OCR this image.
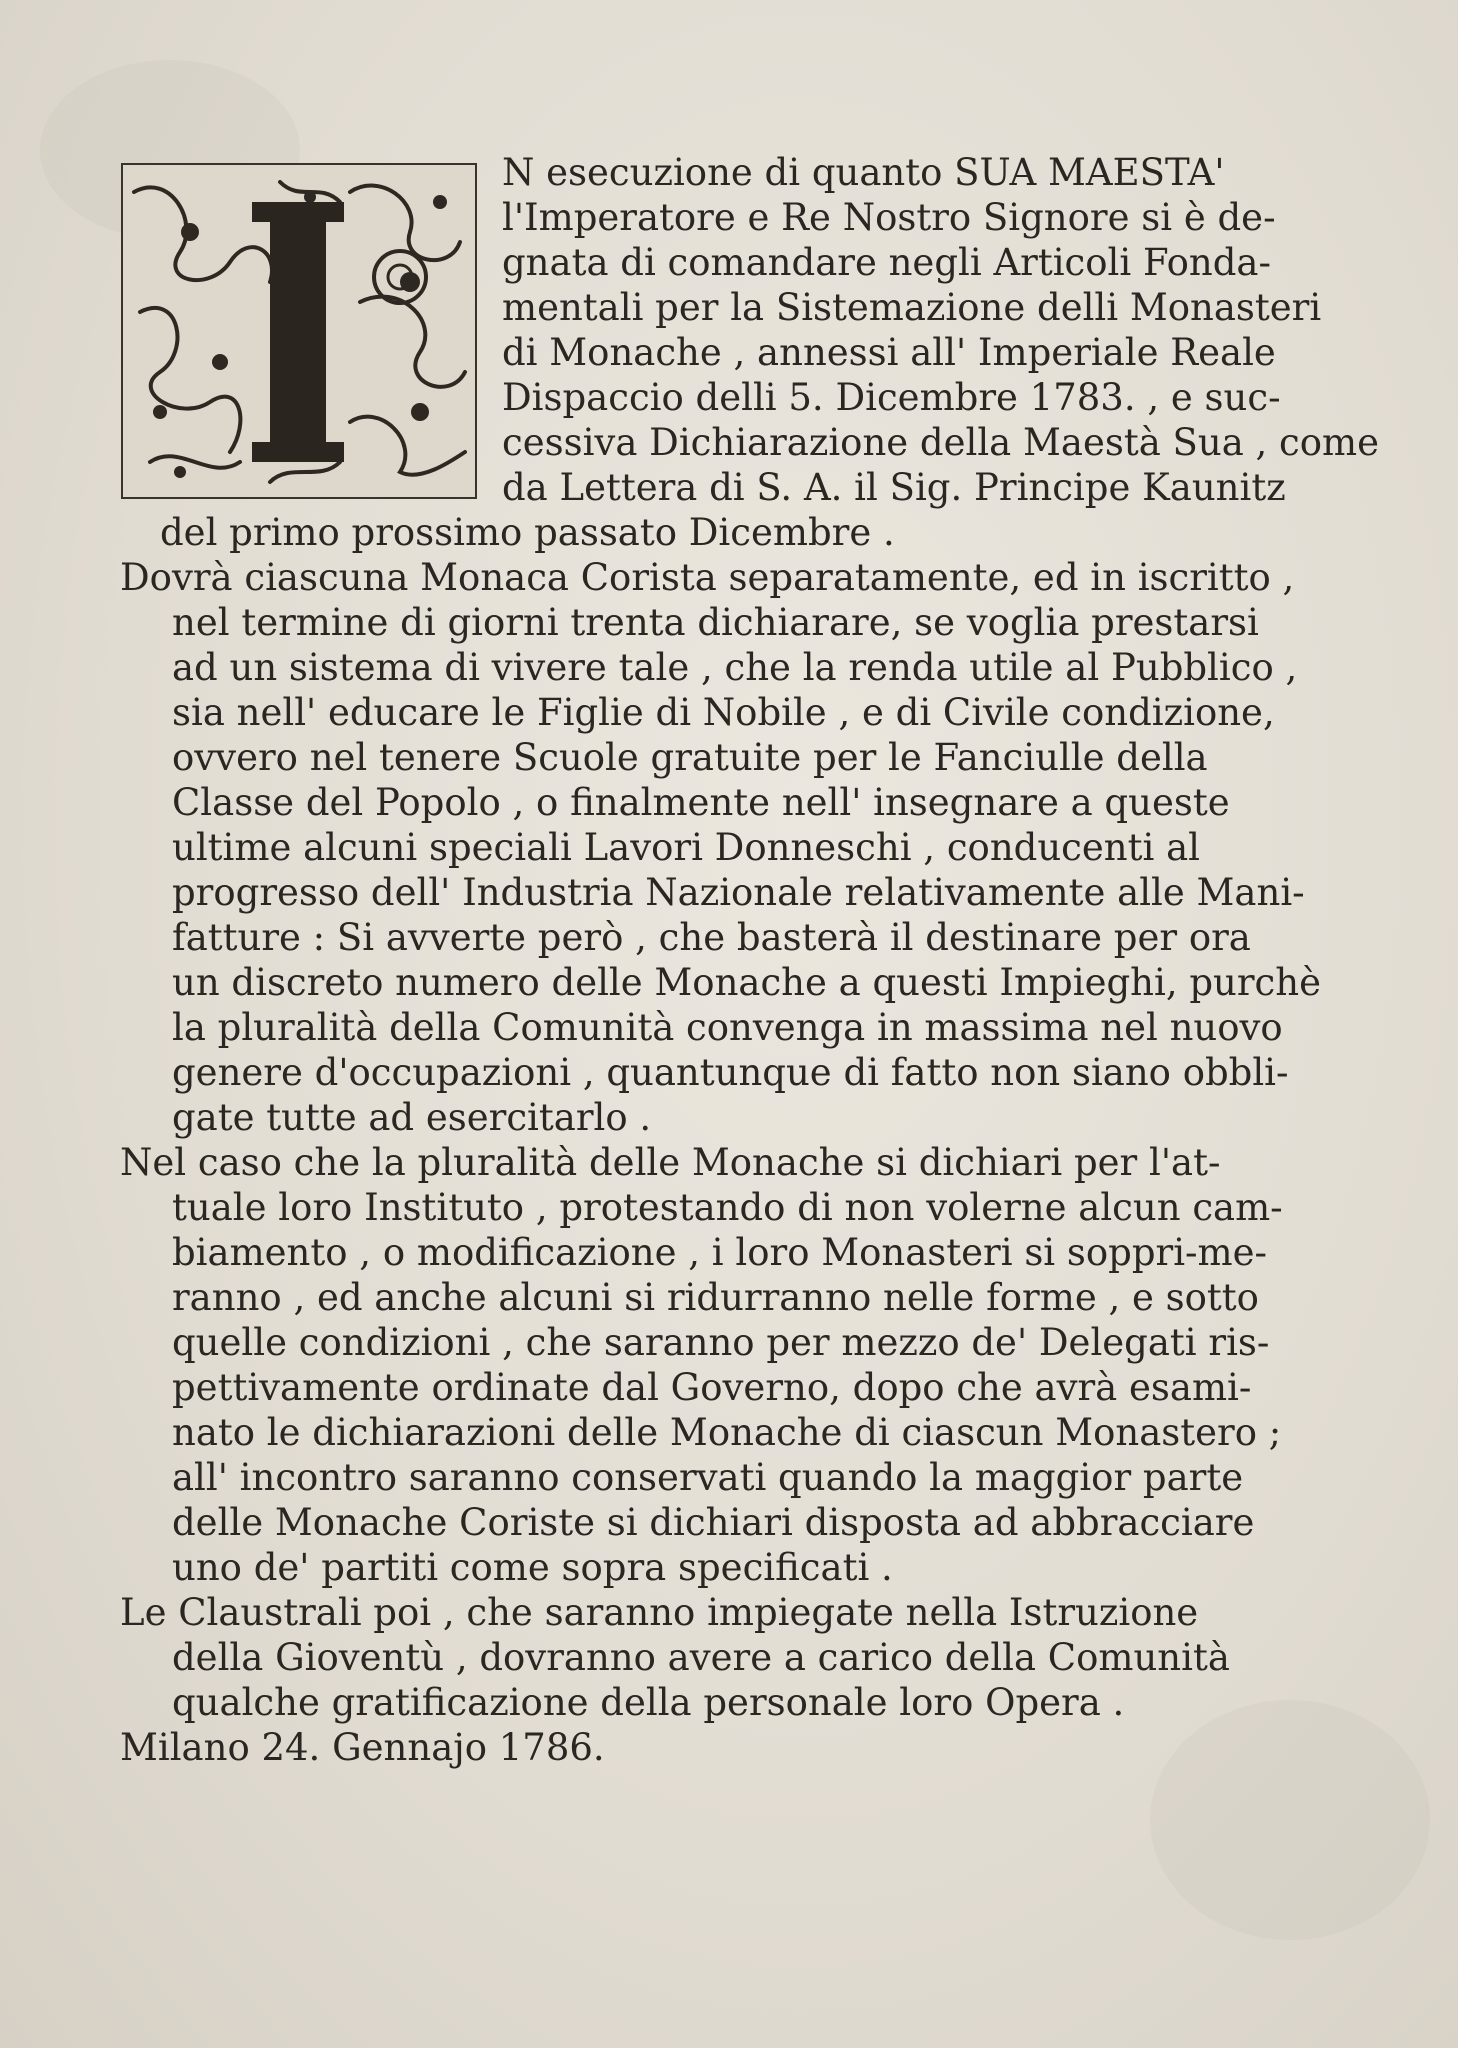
N esecuzione di quanto SUA MAESTA'
l'Imperatore e Re Nostro Signore si è de-
gnata di comandare negli Articoli Fonda-
mentali per la Sistemazione delli Monasteri
di Monache , annessi all' Imperiale Reale
Dispaccio delli 5. Dicembre 1783. , e suc-
cessiva Dichiarazione della Maestà Sua , come
da Lettera di S. A. il Sig. Principe Kaunitz
del primo prossimo passato Dicembre .
Dovrà ciascuna Monaca Corista separatamente, ed in iscritto ,
nel termine di giorni trenta dichiarare, se voglia prestarsi
ad un sistema di vivere tale , che la renda utile al Pubblico ,
sia nell' educare le Figlie di Nobile , e di Civile condizione,
ovvero nel tenere Scuole gratuite per le Fanciulle della
Classe del Popolo , o finalmente nell' insegnare a queste
ultime alcuni speciali Lavori Donneschi , conducenti al
progresso dell' Industria Nazionale relativamente alle Mani-
fatture : Si avverte però , che basterà il destinare per ora
un discreto numero delle Monache a questi Impieghi, purchè
la pluralità della Comunità convenga in massima nel nuovo
genere d'occupazioni , quantunque di fatto non siano obbli-
gate tutte ad esercitarlo .
Nel caso che la pluralità delle Monache si dichiari per l'at-
tuale loro Instituto , protestando di non volerne alcun cam-
biamento , o modificazione , i loro Monasteri si soppri-me-
ranno , ed anche alcuni si ridurranno nelle forme , e sotto
quelle condizioni , che saranno per mezzo de' Delegati ris-
pettivamente ordinate dal Governo, dopo che avrà esami-
nato le dichiarazioni delle Monache di ciascun Monastero ;
all' incontro saranno conservati quando la maggior parte
delle Monache Coriste si dichiari disposta ad abbracciare
uno de' partiti come sopra specificati .
Le Claustrali poi , che saranno impiegate nella Istruzione
della Gioventù , dovranno avere a carico della Comunità
qualche gratificazione della personale loro Opera .
Milano 24. Gennajo 1786.
